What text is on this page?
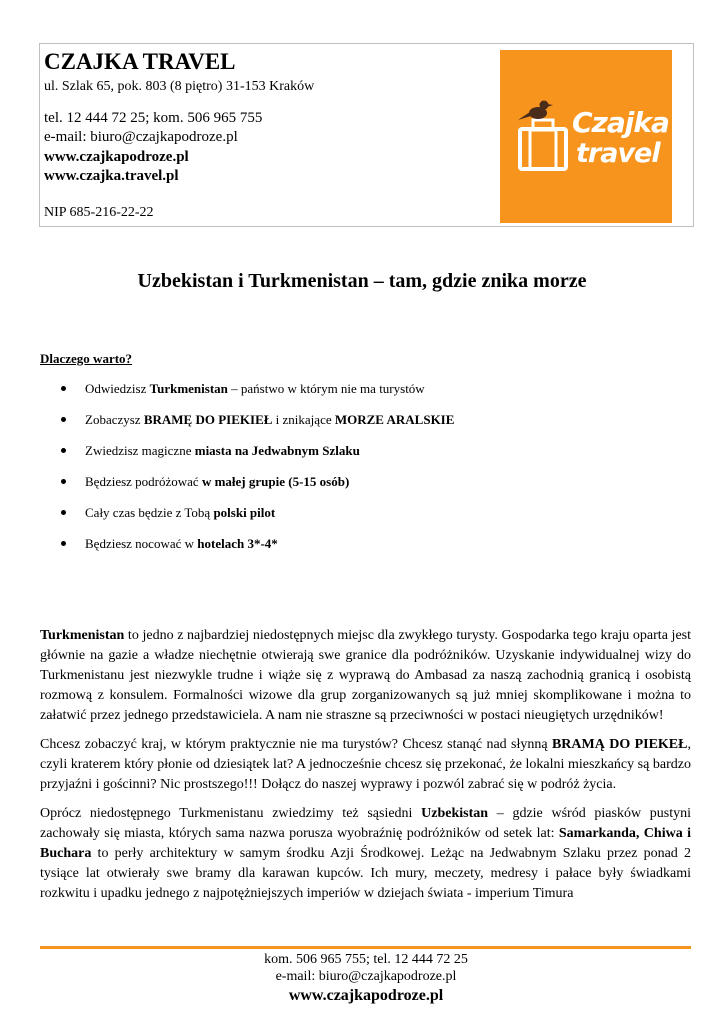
CZAJKA TRAVEL
ul. Szlak 65, pok. 803 (8 piętro) 31-153 Kraków
tel. 12 444 72 25; kom. 506 965 755
e-mail: biuro@czajkapodroze.pl
www.czajkapodroze.pl
www.czajka.travel.pl
NIP 685-216-22-22
Czajka
travel
Uzbekistan i Turkmenistan – tam, gdzie znika morze
Dlaczego warto?
Odwiedzisz Turkmenistan – państwo w którym nie ma turystów
Zobaczysz BRAMĘ DO PIEKIEŁ i znikające MORZE ARALSKIE
Zwiedzisz magiczne miasta na Jedwabnym Szlaku
Będziesz podróżować w małej grupie (5-15 osób)
Cały czas będzie z Tobą polski pilot
Będziesz nocować w hotelach 3*-4*

Turkmenistan to jedno z najbardziej niedostępnych miejsc dla zwykłego turysty. Gospodarka tego kraju oparta jest głównie na gazie a władze niechętnie otwierają swe granice dla podróżników. Uzyskanie indywidualnej wizy do Turkmenistanu jest niezwykle trudne i wiąże się z wyprawą do Ambasad za naszą zachodnią granicą i osobistą rozmową z konsulem. Formalności wizowe dla grup zorganizowanych są już mniej skomplikowane i można to załatwić przez jednego przedstawiciela. A nam nie straszne są przeciwności w postaci nieugiętych urzędników!

Chcesz zobaczyć kraj, w którym praktycznie nie ma turystów? Chcesz stanąć nad słynną BRAMĄ DO PIEKEŁ, czyli kraterem który płonie od dziesiątek lat? A jednocześnie chcesz się przekonać, że lokalni mieszkańcy są bardzo przyjaźni i gościnni? Nic prostszego!!! Dołącz do naszej wyprawy i pozwól zabrać się w podróż życia.

Oprócz niedostępnego Turkmenistanu zwiedzimy też sąsiedni Uzbekistan – gdzie wśród piasków pustyni zachowały się miasta, których sama nazwa porusza wyobraźnię podróżników od setek lat: Samarkanda, Chiwa i Buchara to perły architektury w samym środku Azji Środkowej. Leżąc na Jedwabnym Szlaku przez ponad 2 tysiące lat otwierały swe bramy dla karawan kupców. Ich mury, meczety, medresy i pałace były świadkami rozkwitu i upadku jednego z najpotężniejszych imperiów w dziejach świata - imperium Timura

kom. 506 965 755; tel. 12 444 72 25
e-mail: biuro@czajkapodroze.pl
www.czajkapodroze.pl
